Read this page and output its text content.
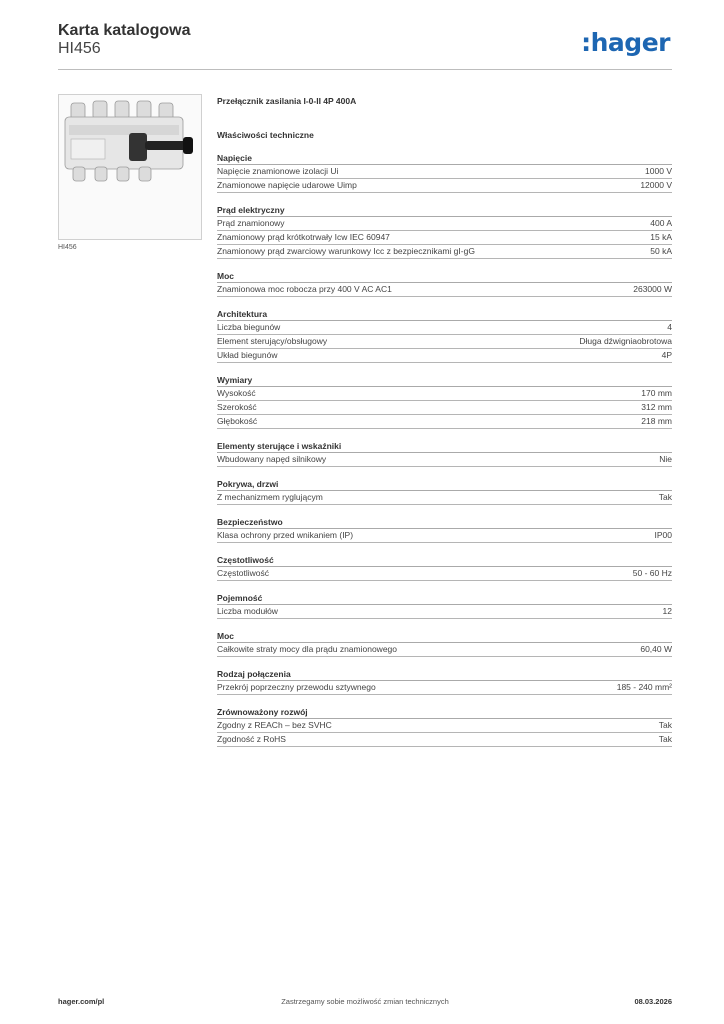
Karta katalogowa
HI456	:hager
HI456
Przełącznik zasilania I-0-II 4P 400A
Właściwości techniczne
Napięcie
Napięcie znamionowe izolacji Ui	1000 V
Znamionowe napięcie udarowe Uimp	12000 V
Prąd elektryczny
Prąd znamionowy	400 A
Znamionowy prąd krótkotrwały Icw IEC 60947	15 kA
Znamionowy prąd zwarciowy warunkowy Icc z bezpiecznikami gI-gG	50 kA
Moc
Znamionowa moc robocza przy 400 V AC AC1	263000 W
Architektura
Liczba biegunów	4
Element sterujący/obsługowy	Długa dźwigniaobrotowa
Układ biegunów	4P
Wymiary
Wysokość	170 mm
Szerokość	312 mm
Głębokość	218 mm
Elementy sterujące i wskaźniki
Wbudowany napęd silnikowy	Nie
Pokrywa, drzwi
Z mechanizmem ryglującym	Tak
Bezpieczeństwo
Klasa ochrony przed wnikaniem (IP)	IP00
Częstotliwość
Częstotliwość	50 - 60 Hz
Pojemność
Liczba modułów	12
Moc
Całkowite straty mocy dla prądu znamionowego	60,40 W
Rodzaj połączenia
Przekrój poprzeczny przewodu sztywnego	185 - 240 mm²
Zrównoważony rozwój
Zgodny z REACh – bez SVHC	Tak
Zgodność z RoHS	Tak
hager.com/pl	Zastrzegamy sobie możliwość zmian technicznych	08.03.2026
